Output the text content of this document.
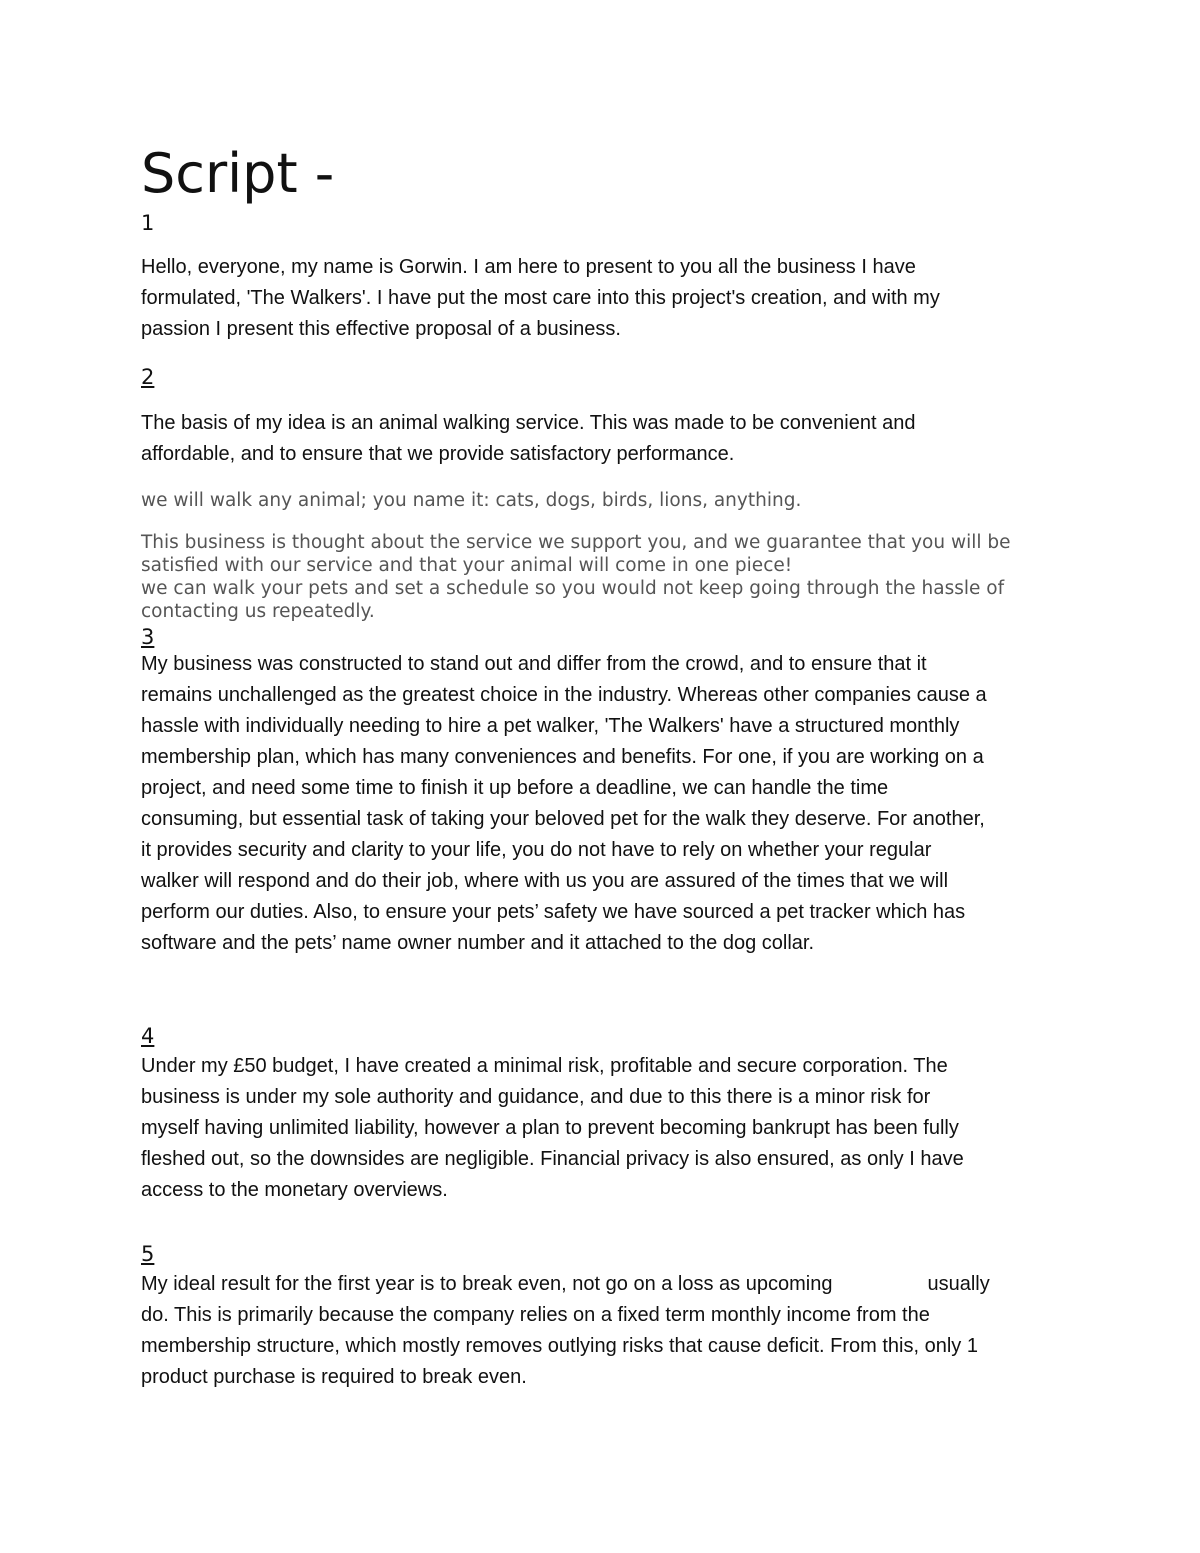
Script -
1

Hello, everyone, my name is Gorwin. I am here to present to you all the business I have
formulated, 'The Walkers'. I have put the most care into this project's creation, and with my
passion I present this effective proposal of a business.

2

The basis of my idea is an animal walking service. This was made to be convenient and
affordable, and to ensure that we provide satisfactory performance.

we will walk any animal; you name it: cats, dogs, birds, lions, anything.

This business is thought about the service we support you, and we guarantee that you will be
satisfied with our service and that your animal will come in one piece!
we can walk your pets and set a schedule so you would not keep going through the hassle of
contacting us repeatedly.

3

My business was constructed to stand out and differ from the crowd, and to ensure that it
remains unchallenged as the greatest choice in the industry. Whereas other companies cause a
hassle with individually needing to hire a pet walker, 'The Walkers' have a structured monthly
membership plan, which has many conveniences and benefits. For one, if you are working on a
project, and need some time to finish it up before a deadline, we can handle the time
consuming, but essential task of taking your beloved pet for the walk they deserve. For another,
it provides security and clarity to your life, you do not have to rely on whether your regular
walker will respond and do their job, where with us you are assured of the times that we will
perform our duties. Also, to ensure your pets’ safety we have sourced a pet tracker which has
software and the pets’ name owner number and it attached to the dog collar.

4

Under my £50 budget, I have created a minimal risk, profitable and secure corporation. The
business is under my sole authority and guidance, and due to this there is a minor risk for
myself having unlimited liability, however a plan to prevent becoming bankrupt has been fully
fleshed out, so the downsides are negligible. Financial privacy is also ensured, as only I have
access to the monetary overviews.

5

My ideal result for the first year is to break even, not go on a loss as upcoming	usually
do. This is primarily because the company relies on a fixed term monthly income from the
membership structure, which mostly removes outlying risks that cause deficit. From this, only 1
product purchase is required to break even.
